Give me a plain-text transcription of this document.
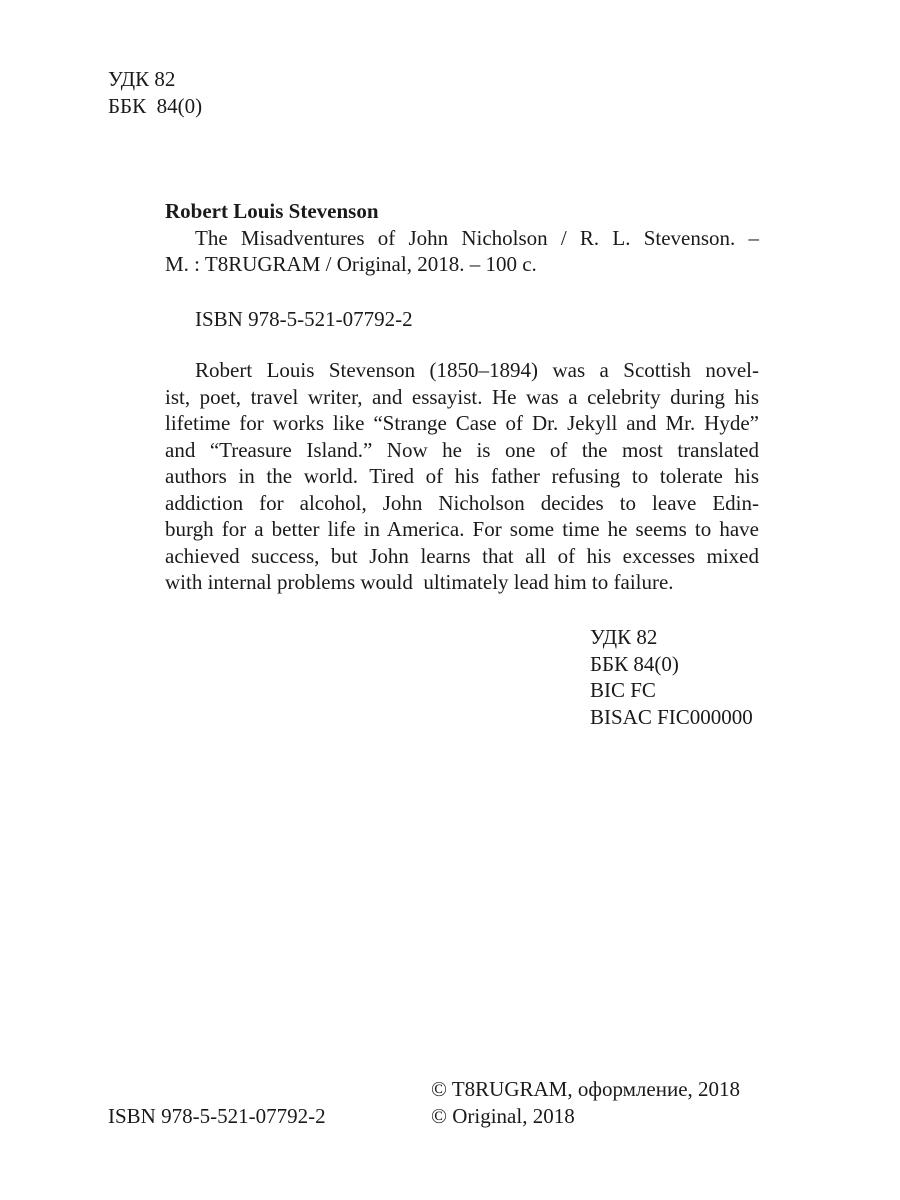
УДК 82
ББК  84(0)
Robert Louis Stevenson
The Misadventures of John Nicholson / R. L. Stevenson. –
M. : T8RUGRAM / Original, 2018. – 100 c.
ISBN 978-5-521-07792-2
Robert Louis Stevenson (1850–1894) was a Scottish novel-
ist, poet, travel writer, and essayist. He was a celebrity during his
lifetime for works like “Strange Case of Dr. Jekyll and Mr. Hyde”
and “Treasure Island.” Now he is one of the most translated
authors in the world. Tired of his father refusing to tolerate his
addiction for alcohol, John Nicholson decides to leave Edin-
burgh for a better life in America. For some time he seems to have
achieved success, but John learns that all of his excesses mixed
with internal problems would  ultimately lead him to failure.
УДК 82
ББК 84(0)
BIC FC
BISAC FIC000000
ISBN 978-5-521-07792-2
© T8RUGRAM, оформление, 2018
© Original, 2018
